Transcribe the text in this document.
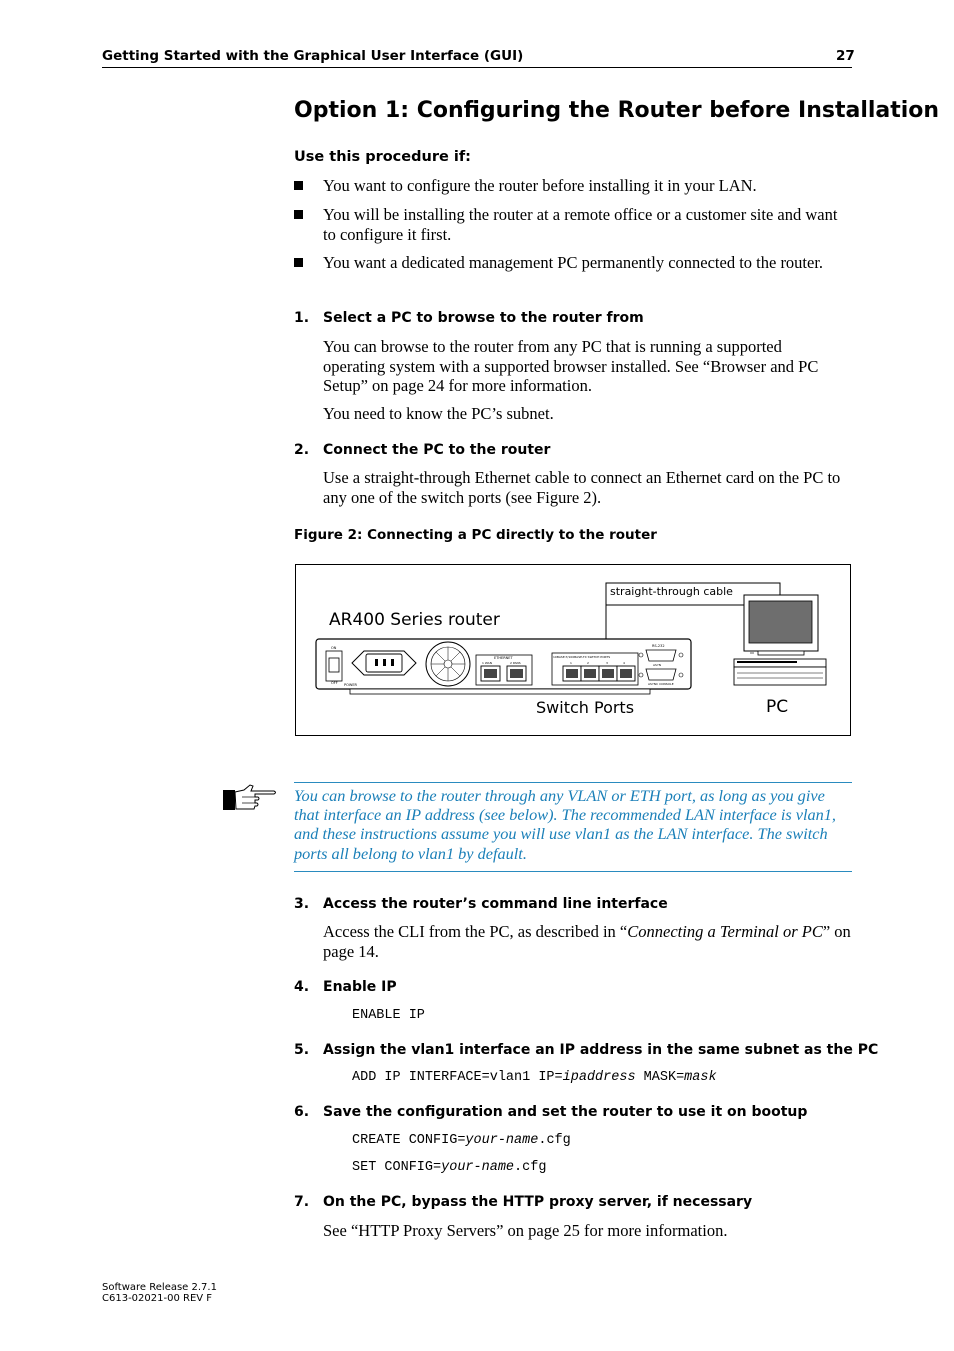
Getting Started with the Graphical User Interface (GUI)	27
Option 1: Configuring the Router before Installation
Use this procedure if:
You want to configure the router before installing it in your LAN.
You will be installing the router at a remote office or a customer site and want to configure it first.
You want a dedicated management PC permanently connected to the router.
1. Select a PC to browse to the router from
You can browse to the router from any PC that is running a supported operating system with a supported browser installed. See “Browser and PC Setup” on page 24 for more information.
You need to know the PC’s subnet.
2. Connect the PC to the router
Use a straight-through Ethernet cable to connect an Ethernet card on the PC to any one of the switch ports (see Figure 2).
Figure 2: Connecting a PC directly to the router
straight-through cable
AR400 Series router
ON
OFF POWER
ETHERNET
1 WAN	2 PANS
10BASE-T/100BASE-TX SWITCH PORTS
1	2	3	4
RS-232
ASYN
ASYNC CONSOLE
Switch Ports	PC
You can browse to the router through any VLAN or ETH port, as long as you give that interface an IP address (see below). The recommended LAN interface is vlan1, and these instructions assume you will use vlan1 as the LAN interface. The switch ports all belong to vlan1 by default.
3. Access the router’s command line interface
Access the CLI from the PC, as described in “Connecting a Terminal or PC” on page 14.
4. Enable IP
ENABLE IP
5. Assign the vlan1 interface an IP address in the same subnet as the PC
ADD IP INTERFACE=vlan1 IP=ipaddress MASK=mask
6. Save the configuration and set the router to use it on bootup
CREATE CONFIG=your-name.cfg
SET CONFIG=your-name.cfg
7. On the PC, bypass the HTTP proxy server, if necessary
See “HTTP Proxy Servers” on page 25 for more information.
Software Release 2.7.1
C613-02021-00 REV F
